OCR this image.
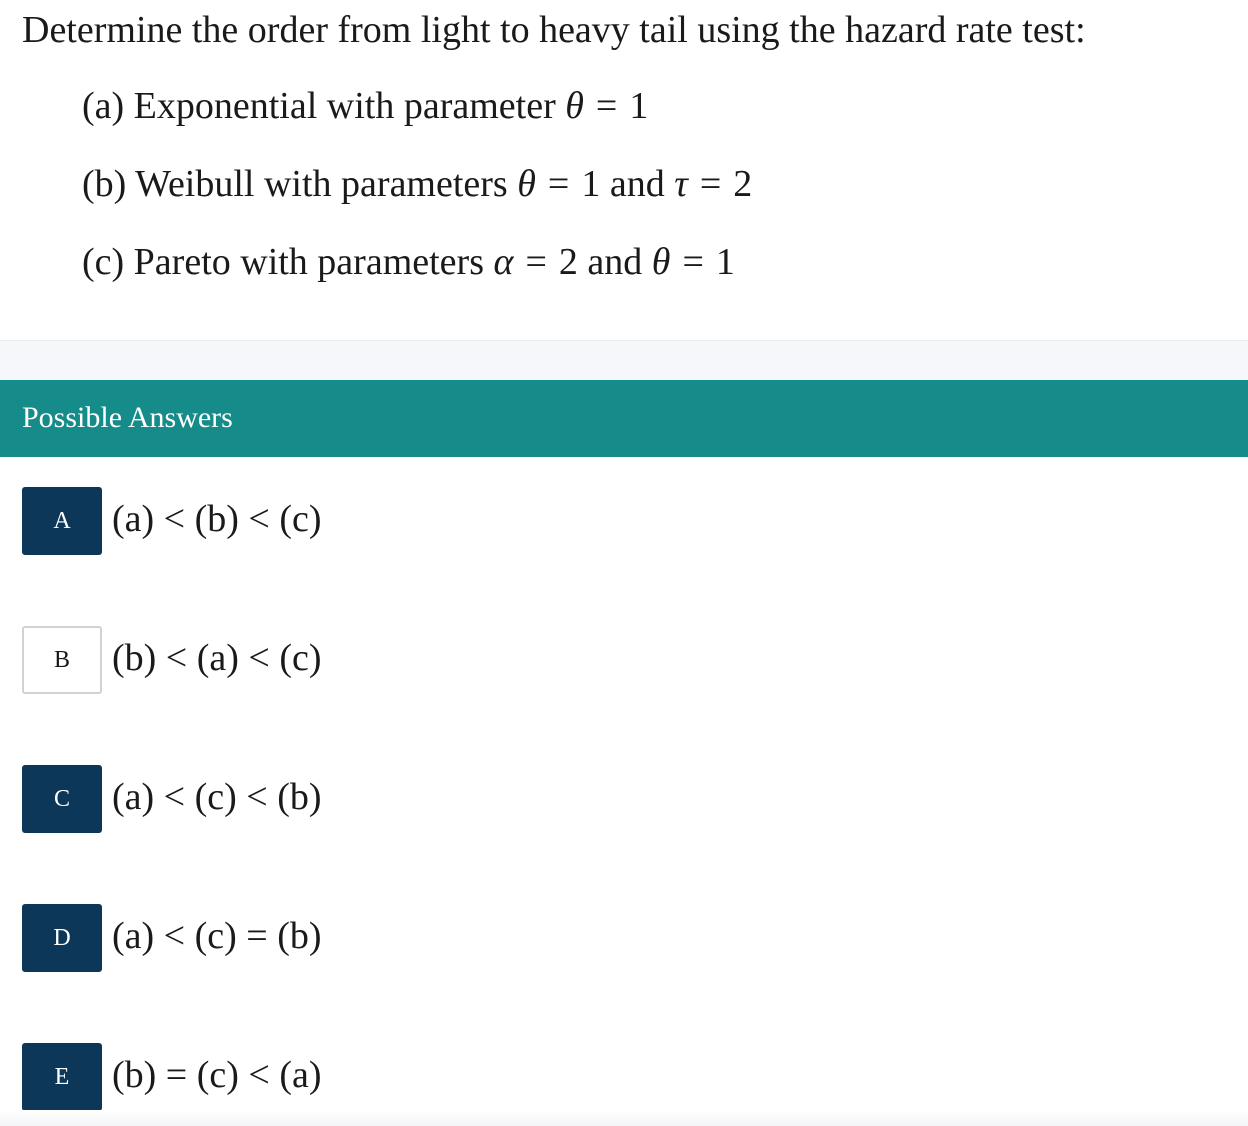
Determine the order from light to heavy tail using the hazard rate test:
(a) Exponential with parameter θ = 1
(b) Weibull with parameters θ = 1 and τ = 2
(c) Pareto with parameters α = 2 and θ = 1
Possible Answers
A	(a) < (b) < (c)
B	(b) < (a) < (c)
C	(a) < (c) < (b)
D	(a) < (c) = (b)
E	(b) = (c) < (a)
